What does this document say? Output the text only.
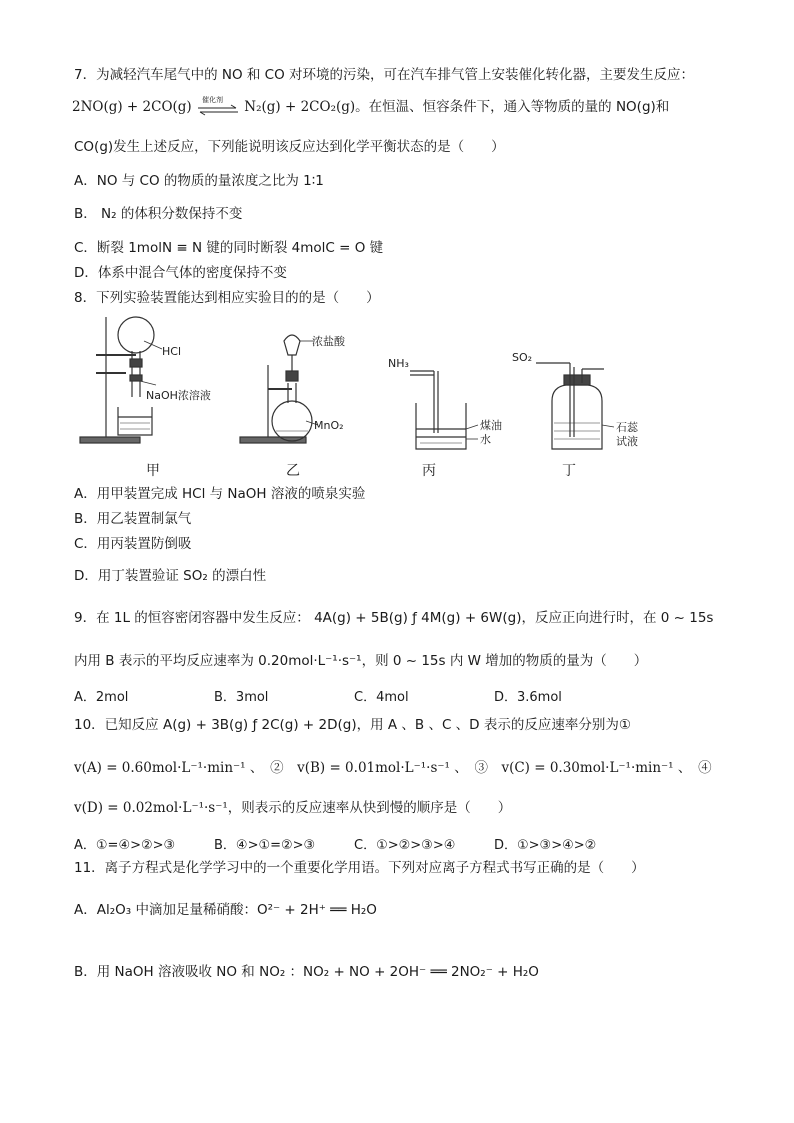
7．为减轻汽车尾气中的 NO 和 CO 对环境的污染，可在汽车排气管上安装催化转化器，主要发生反应：
2NO(g) + 2CO(g) 催化剂 N₂(g) + 2CO₂(g)。在恒温、恒容条件下，通入等物质的量的 NO(g)和
CO(g)发生上述反应，下列能说明该反应达到化学平衡状态的是（　　）
A．NO 与 CO 的物质的量浓度之比为 1∶1
B． N₂ 的体积分数保持不变
C．断裂 1molN ≡ N 键的同时断裂 4molC = O 键
D．体系中混合气体的密度保持不变
8．下列实验装置能达到相应实验目的的是（　　）
HCl
NaOH浓溶液
浓盐酸
MnO₂
NH₃
煤油
水
SO₂
石蕊
试液
甲	乙	丙	丁
A．用甲装置完成 HCl 与 NaOH 溶液的喷泉实验
B．用乙装置制氯气
C．用丙装置防倒吸
D．用丁装置验证 SO₂ 的漂白性
9．在 1L 的恒容密闭容器中发生反应： 4A(g) + 5B(g) ƒ 4M(g) + 6W(g)，反应正向进行时，在 0 ~ 15s
内用 B 表示的平均反应速率为 0.20mol·L⁻¹·s⁻¹，则 0 ~ 15s 内 W 增加的物质的量为（　　）
A．2mol	B．3mol	C．4mol	D．3.6mol
10．已知反应 A(g) + 3B(g) ƒ 2C(g) + 2D(g)，用 A 、B 、C 、D 表示的反应速率分别为①
v(A) = 0.60mol·L⁻¹·min⁻¹ 、　②　v(B) = 0.01mol·L⁻¹·s⁻¹ 、　③　v(C) = 0.30mol·L⁻¹·min⁻¹ 、　④
v(D) = 0.02mol·L⁻¹·s⁻¹，则表示的反应速率从快到慢的顺序是（　　）
A．①=④>②>③	B．④>①=②>③	C．①>②>③>④	D．①>③>④>②
11．离子方程式是化学学习中的一个重要化学用语。下列对应离子方程式书写正确的是（　　）
A．Al₂O₃ 中滴加足量稀硝酸：O²⁻ + 2H⁺ ══ H₂O
B．用 NaOH 溶液吸收 NO 和 NO₂ ：NO₂ + NO + 2OH⁻ ══ 2NO₂⁻ + H₂O
